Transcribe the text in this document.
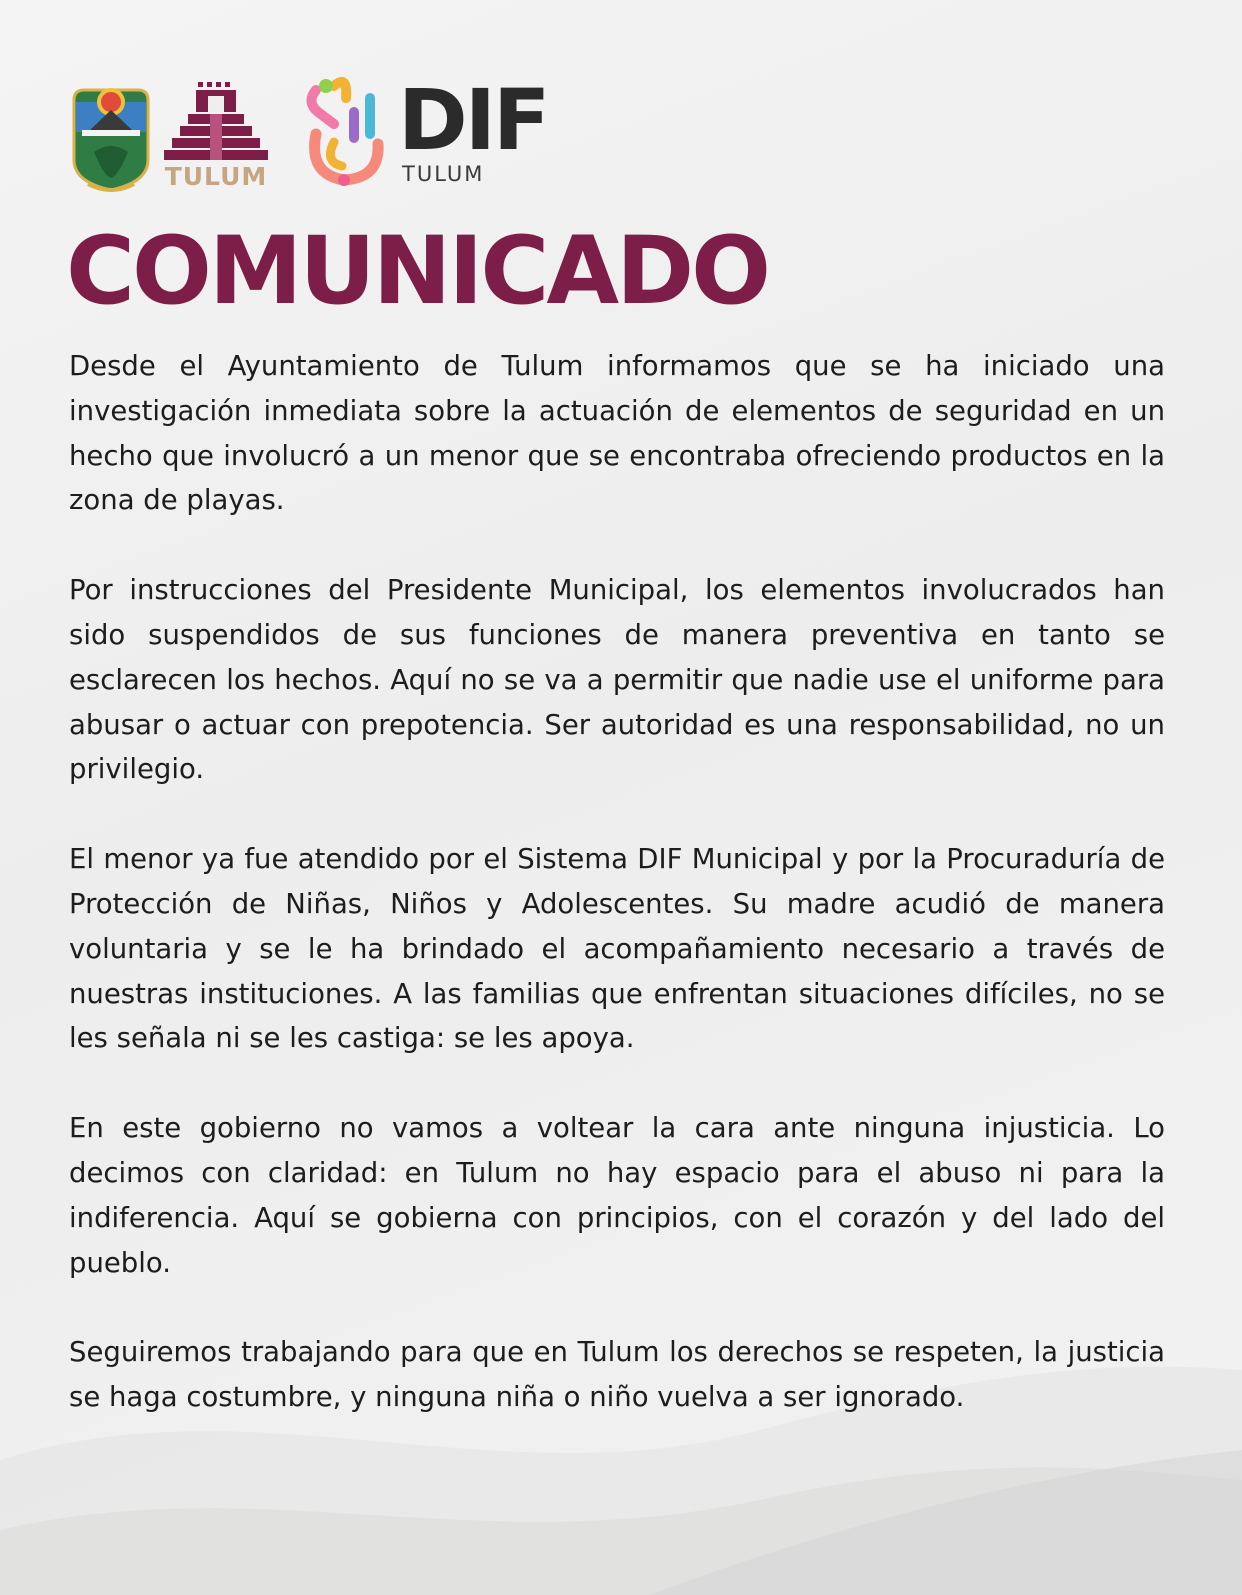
TULUM
DIF
TULUM
COMUNICADO

Desde el Ayuntamiento de Tulum informamos que se ha iniciado una investigación inmediata sobre la actuación de elementos de seguridad en un hecho que involucró a un menor que se encontraba ofreciendo productos en la zona de playas.

Por instrucciones del Presidente Municipal, los elementos involucrados han sido suspendidos de sus funciones de manera preventiva en tanto se esclarecen los hechos. Aquí no se va a permitir que nadie use el uniforme para abusar o actuar con prepotencia. Ser autoridad es una responsabilidad, no un privilegio.

El menor ya fue atendido por el Sistema DIF Municipal y por la Procuraduría de Protección de Niñas, Niños y Adolescentes. Su madre acudió de manera voluntaria y se le ha brindado el acompañamiento necesario a través de nuestras instituciones. A las familias que enfrentan situaciones difíciles, no se les señala ni se les castiga: se les apoya.

En este gobierno no vamos a voltear la cara ante ninguna injusticia. Lo decimos con claridad: en Tulum no hay espacio para el abuso ni para la indiferencia. Aquí se gobierna con principios, con el corazón y del lado del pueblo.

Seguiremos trabajando para que en Tulum los derechos se respeten, la justicia se haga costumbre, y ninguna niña o niño vuelva a ser ignorado.
